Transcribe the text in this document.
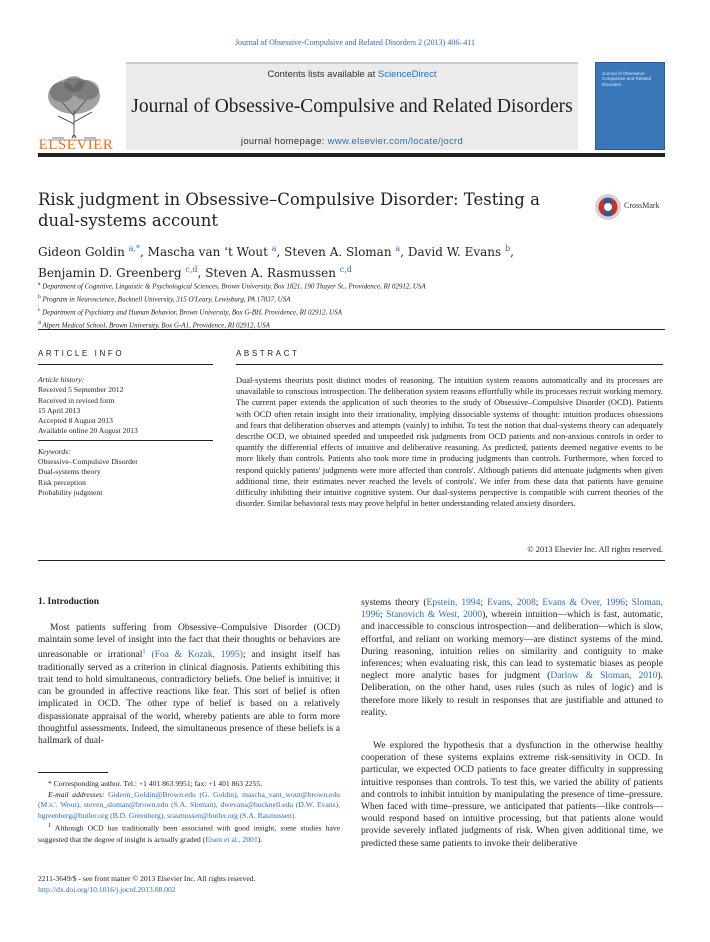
Journal of Obsessive-Compulsive and Related Disorders 2 (2013) 406–411
ELSEVIER
Contents lists available at ScienceDirect
Journal of Obsessive-Compulsive and Related Disorders
journal homepage: www.elsevier.com/locate/jocrd
Journal of Obsessive-Compulsive and Related Disorders
Risk judgment in Obsessive–Compulsive Disorder: Testing a dual-systems account
CrossMark
Gideon Goldin $^{a,*}$, Mascha van ‘t Wout $^a$, Steven A. Sloman $^a$, David W. Evans $^b$,
Benjamin D. Greenberg $^{c,d}$, Steven A. Rasmussen $^{c,d}$
$^a$ Department of Cognitive, Linguistic & Psychological Sciences, Brown University, Box 1821, 190 Thayer St., Providence, RI 02912, USA
$^b$ Program in Neuroscience, Bucknell University, 315 O'Leary, Lewisburg, PA 17837, USA
$^c$ Department of Psychiatry and Human Behavior, Brown University, Box G-BH, Providence, RI 02912, USA
$^d$ Alpert Medical School, Brown University, Box G-A1, Providence, RI 02912, USA
ARTICLE INFO	ABSTRACT
Article history:
Received 5 September 2012
Received in revised form
15 April 2013
Accepted 8 August 2013
Available online 20 August 2013
Keywords:
Obsessive–Compulsive Disorder
Dual-systems theory
Risk perception
Probability judgment
Dual-systems theorists posit distinct modes of reasoning. The intuition system reasons automatically and its processes are unavailable to conscious introspection. The deliberation system reasons effortfully while its processes recruit working memory. The current paper extends the application of such theories to the study of Obsessive–Compulsive Disorder (OCD). Patients with OCD often retain insight into their irrationality, implying dissociable systems of thought: intuition produces obsessions and fears that deliberation observes and attempts (vainly) to inhibit. To test the notion that dual-systems theory can adequately describe OCD, we obtained speeded and unspeeded risk judgments from OCD patients and non-anxious controls in order to quantify the differential effects of intuitive and deliberative reasoning. As predicted, patients deemed negative events to be more likely than controls. Patients also took more time in producing judgments than controls. Furthermore, when forced to respond quickly patients' judgments were more affected than controls'. Although patients did attenuate judgments when given additional time, their estimates never reached the levels of controls'. We infer from these data that patients have genuine difficulty inhibiting their intuitive cognitive system. Our dual-systems perspective is compatible with current theories of the disorder. Similar behavioral tests may prove helpful in better understanding related anxiety disorders.
© 2013 Elsevier Inc. All rights reserved.
1. Introduction
Most patients suffering from Obsessive–Compulsive Disorder (OCD) maintain some level of insight into the fact that their thoughts or behaviors are unreasonable or irrational$^1$ (Foa & Kozak, 1995); and insight itself has traditionally served as a criterion in clinical diagnosis. Patients exhibiting this trait tend to hold simultaneous, contradictory beliefs. One belief is intuitive; it can be grounded in affective reactions like fear. This sort of belief is often implicated in OCD. The other type of belief is based on a relatively dispassionate appraisal of the world, whereby patients are able to form more thoughtful assessments. Indeed, the simultaneous presence of these beliefs is a hallmark of dual-
systems theory (Epstein, 1994; Evans, 2008; Evans & Over, 1996; Sloman, 1996; Stanovich & West, 2000), wherein intuition—which is fast, automatic, and inaccessible to conscious introspection—and deliberation—which is slow, effortful, and reliant on working memory—are distinct systems of the mind. During reasoning, intuition relies on similarity and contiguity to make inferences; when evaluating risk, this can lead to systematic biases as people neglect more analytic bases for judgment (Darlow & Sloman, 2010). Deliberation, on the other hand, uses rules (such as rules of logic) and is therefore more likely to result in responses that are justifiable and attuned to reality.
We explored the hypothesis that a dysfunction in the otherwise healthy cooperation of these systems explains extreme risk-sensitivity in OCD. In particular, we expected OCD patients to face greater difficulty in suppressing intuitive responses than controls. To test this, we varied the ability of patients and controls to inhibit intuition by manipulating the presence of time–pressure. When faced with time–pressure, we anticipated that patients—like controls—would respond based on intuitive processing, but that patients alone would provide severely inflated judgments of risk. When given additional time, we predicted these same patients to invoke their deliberative
* Corresponding author. Tel.: +1 401 863 9951; fax: +1 401 863 2255.
E-mail addresses: Gideon_Goldin@Brown.edu (G. Goldin), mascha_vant_wout@brown.edu (M.v.'. Wout), steven_sloman@brown.edu (S.A. Sloman), dwevans@bucknell.edu (D.W. Evans), bgreenberg@butler.org (B.D. Greenberg), srasmussen@butler.org (S.A. Rasmussen).
$^1$ Although OCD has traditionally been associated with good insight, some studies have suggested that the degree of insight is actually graded (Eisen et al., 2001).
2211-3649/$ - see front matter © 2013 Elsevier Inc. All rights reserved.
http://dx.doi.org/10.1016/j.jocrd.2013.08.002
